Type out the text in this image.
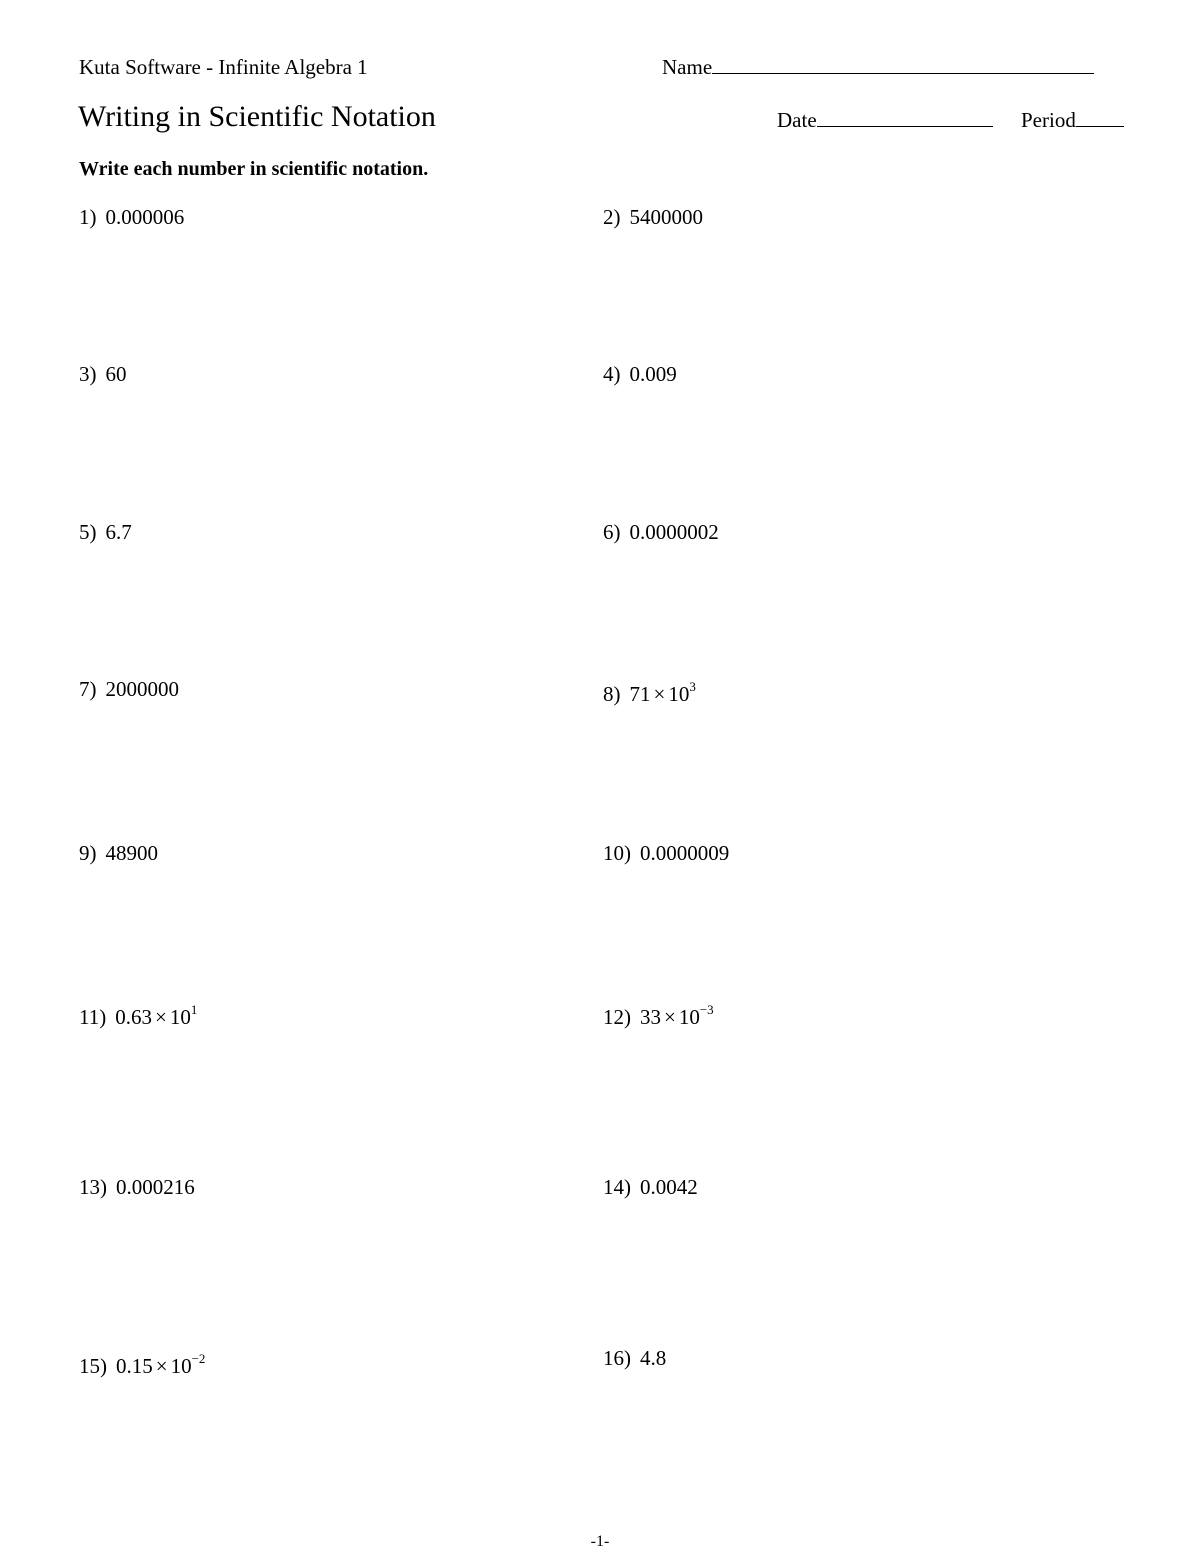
Kuta Software - Infinite Algebra 1	Name
Writing in Scientific Notation	Date	Period
Write each number in scientific notation.
1) 0.000006	2) 5400000
3) 60	4) 0.009
5) 6.7	6) 0.0000002
7) 2000000	8) $71 \times 10^3$
9) 48900	10) 0.0000009
11) $0.63 \times 10^1$	12) $33 \times 10^{-3}$
13) 0.000216	14) 0.0042
15) $0.15 \times 10^{-2}$	16) 4.8
-1-
